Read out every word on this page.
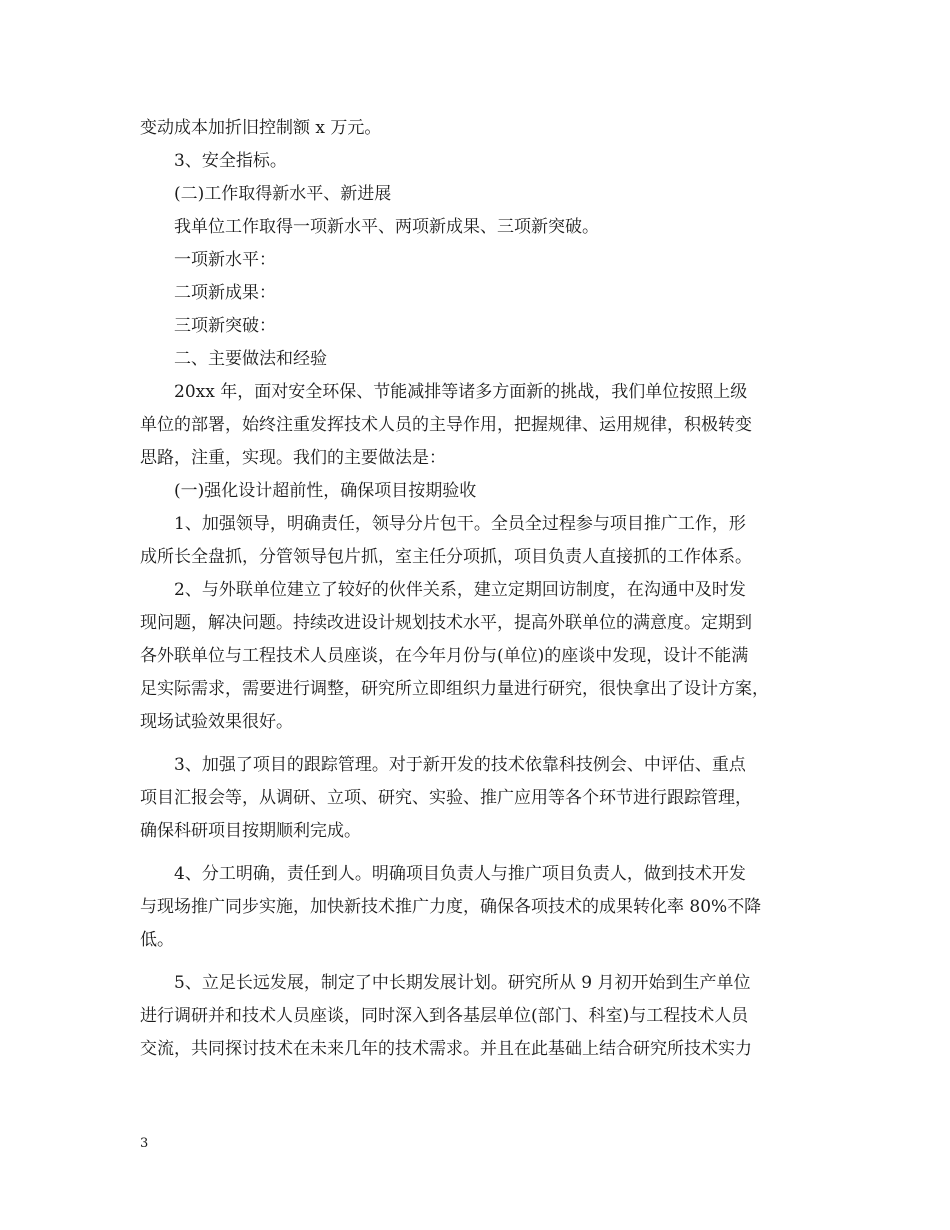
变动成本加折旧控制额 x 万元。
3、安全指标。
(二)工作取得新水平、新进展
我单位工作取得一项新水平、两项新成果、三项新突破。
一项新水平：
二项新成果：
三项新突破：
二、主要做法和经验
20xx 年，面对安全环保、节能减排等诸多方面新的挑战，我们单位按照上级
单位的部署，始终注重发挥技术人员的主导作用，把握规律、运用规律，积极转变
思路，注重，实现。我们的主要做法是：
(一)强化设计超前性，确保项目按期验收
1、加强领导，明确责任，领导分片包干。全员全过程参与项目推广工作，形
成所长全盘抓，分管领导包片抓，室主任分项抓，项目负责人直接抓的工作体系。
2、与外联单位建立了较好的伙伴关系，建立定期回访制度，在沟通中及时发
现问题，解决问题。持续改进设计规划技术水平，提高外联单位的满意度。定期到
各外联单位与工程技术人员座谈，在今年月份与(单位)的座谈中发现，设计不能满
足实际需求，需要进行调整，研究所立即组织力量进行研究，很快拿出了设计方案，
现场试验效果很好。
3、加强了项目的跟踪管理。对于新开发的技术依靠科技例会、中评估、重点
项目汇报会等，从调研、立项、研究、实验、推广应用等各个环节进行跟踪管理，
确保科研项目按期顺利完成。
4、分工明确，责任到人。明确项目负责人与推广项目负责人，做到技术开发
与现场推广同步实施，加快新技术推广力度，确保各项技术的成果转化率 80%不降
低。
5、立足长远发展，制定了中长期发展计划。研究所从 9 月初开始到生产单位
进行调研并和技术人员座谈，同时深入到各基层单位(部门、科室)与工程技术人员
交流，共同探讨技术在未来几年的技术需求。并且在此基础上结合研究所技术实力
3
